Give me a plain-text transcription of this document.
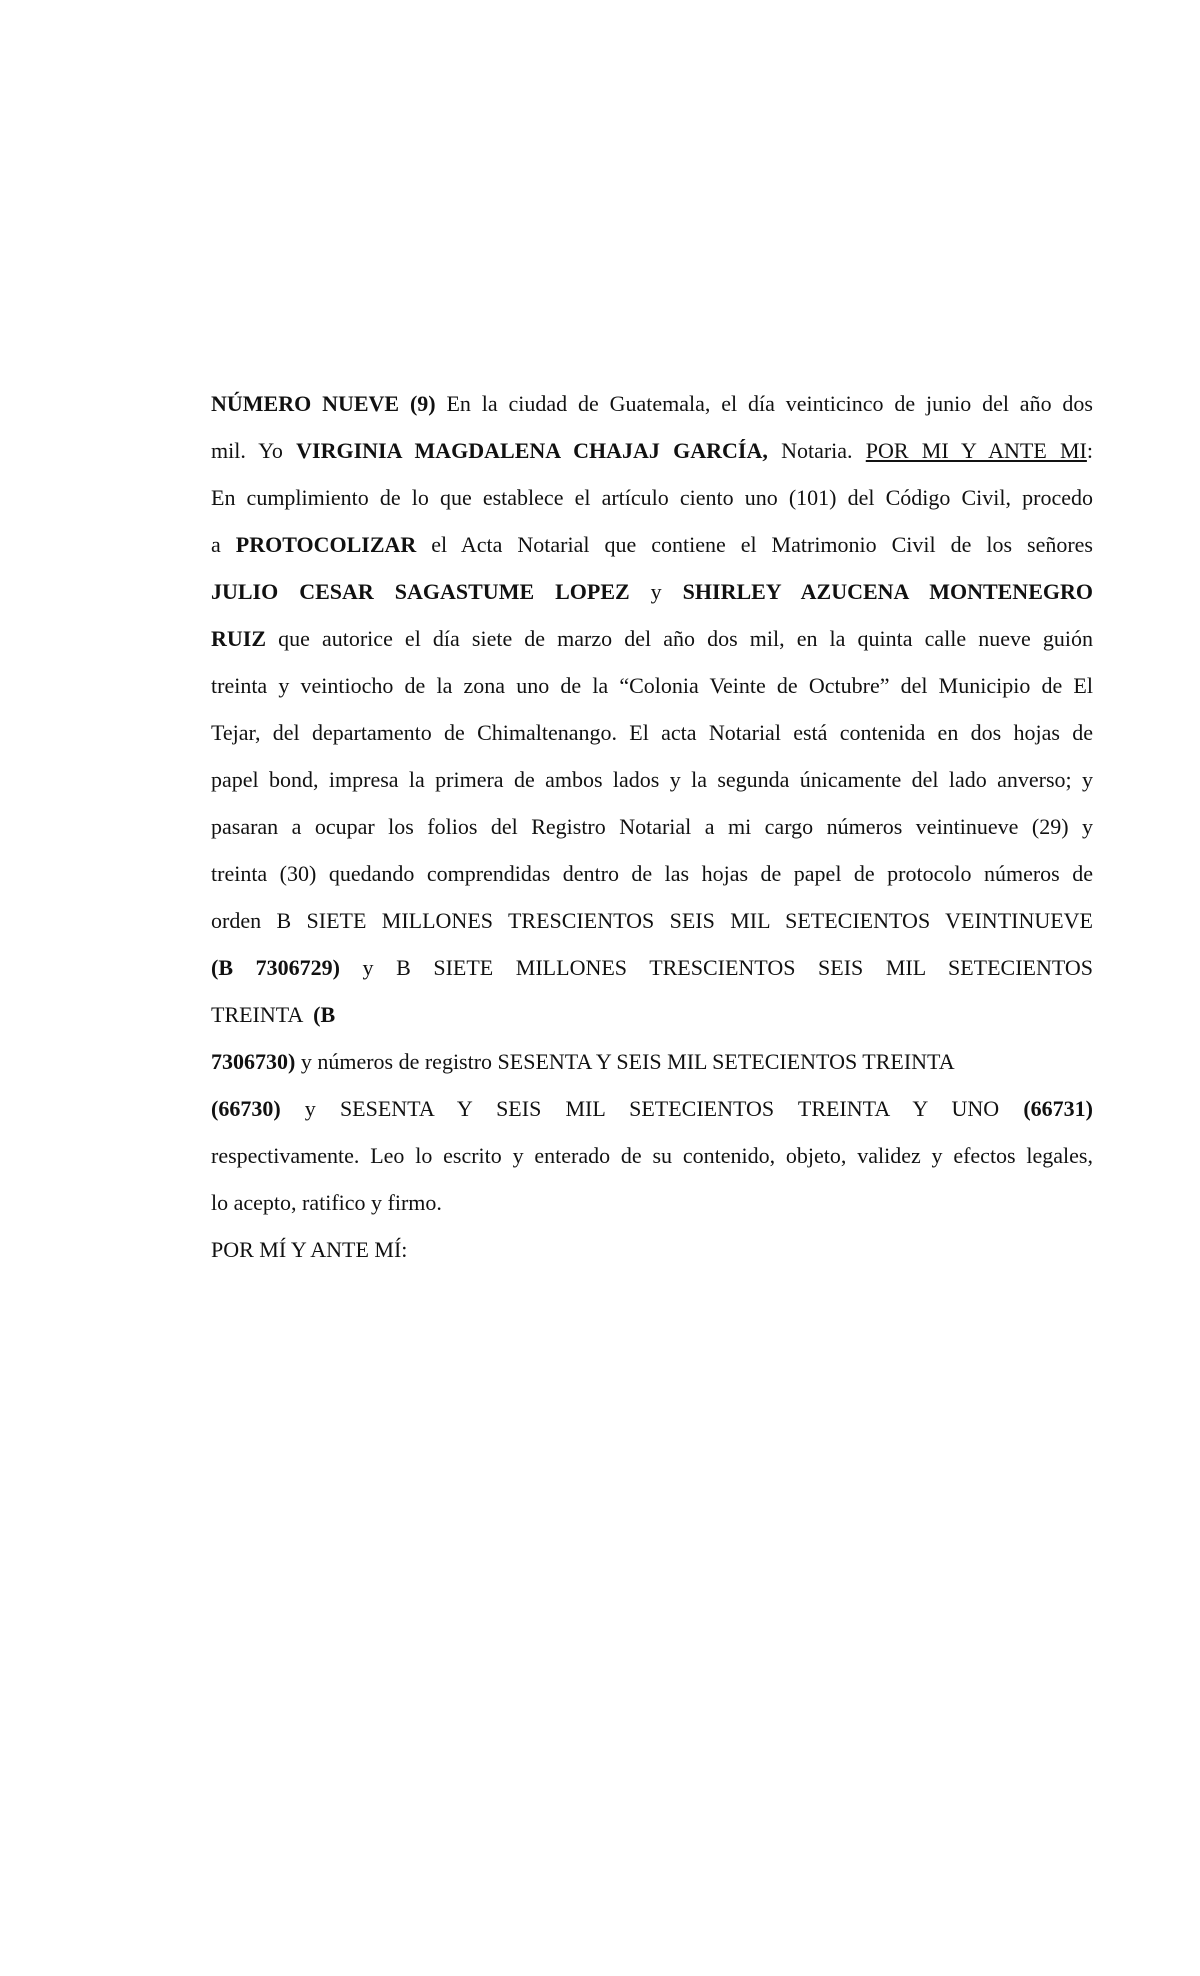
NÚMERO NUEVE (9) En la ciudad de Guatemala, el día veinticinco de junio del año dos
mil. Yo VIRGINIA MAGDALENA CHAJAJ GARCÍA, Notaria. POR MI Y ANTE MI:
En cumplimiento de lo que establece el artículo ciento uno (101) del Código Civil, procedo
a PROTOCOLIZAR el Acta Notarial que contiene el Matrimonio Civil de los señores
JULIO CESAR SAGASTUME LOPEZ y SHIRLEY AZUCENA MONTENEGRO
RUIZ que autorice el día siete de marzo del año dos mil, en la quinta calle nueve guión
treinta y veintiocho de la zona uno de la “Colonia Veinte de Octubre” del Municipio de El
Tejar, del departamento de Chimaltenango. El acta Notarial está contenida en dos hojas de
papel bond, impresa la primera de ambos lados y la segunda únicamente del lado anverso; y
pasaran a ocupar los folios del Registro Notarial a mi cargo números veintinueve (29) y
treinta (30) quedando comprendidas dentro de las hojas de papel de protocolo números de
orden B SIETE MILLONES TRESCIENTOS SEIS MIL SETECIENTOS VEINTINUEVE
(B 7306729) y B SIETE MILLONES TRESCIENTOS SEIS MIL SETECIENTOS
TREINTA  (B
7306730) y números de registro SESENTA Y SEIS MIL SETECIENTOS TREINTA
(66730) y SESENTA Y SEIS MIL SETECIENTOS TREINTA Y UNO (66731)
respectivamente. Leo lo escrito y enterado de su contenido, objeto, validez y efectos legales,
lo acepto, ratifico y firmo.
POR MÍ Y ANTE MÍ:
